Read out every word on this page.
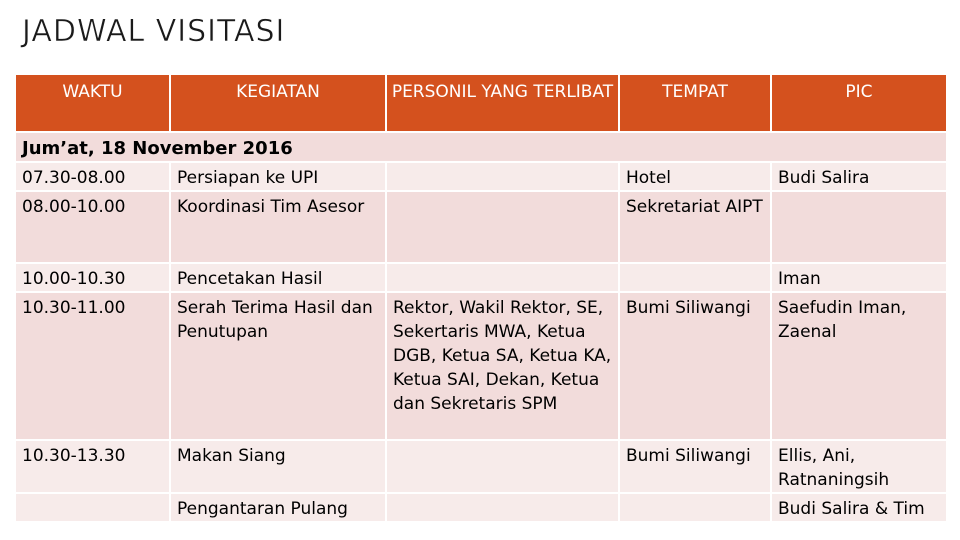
JADWAL VISITASI
WAKTU	KEGIATAN	PERSONIL YANG TERLIBAT	TEMPAT	PIC
Jum’at, 18 November 2016				
07.30-08.00	Persiapan ke UPI		Hotel	Budi Salira
08.00-10.00	Koordinasi Tim Asesor		Sekretariat AIPT	
10.00-10.30	Pencetakan Hasil			Iman
10.30-11.00	Serah Terima Hasil dan Penutupan	Rektor, Wakil Rektor, SE, Sekertaris MWA, Ketua DGB, Ketua SA, Ketua KA, Ketua SAI, Dekan, Ketua dan Sekretaris SPM	Bumi Siliwangi	Saefudin Iman, Zaenal
10.30-13.30	Makan Siang		Bumi Siliwangi	Ellis, Ani, Ratnaningsih
	Pengantaran Pulang			Budi Salira & Tim
